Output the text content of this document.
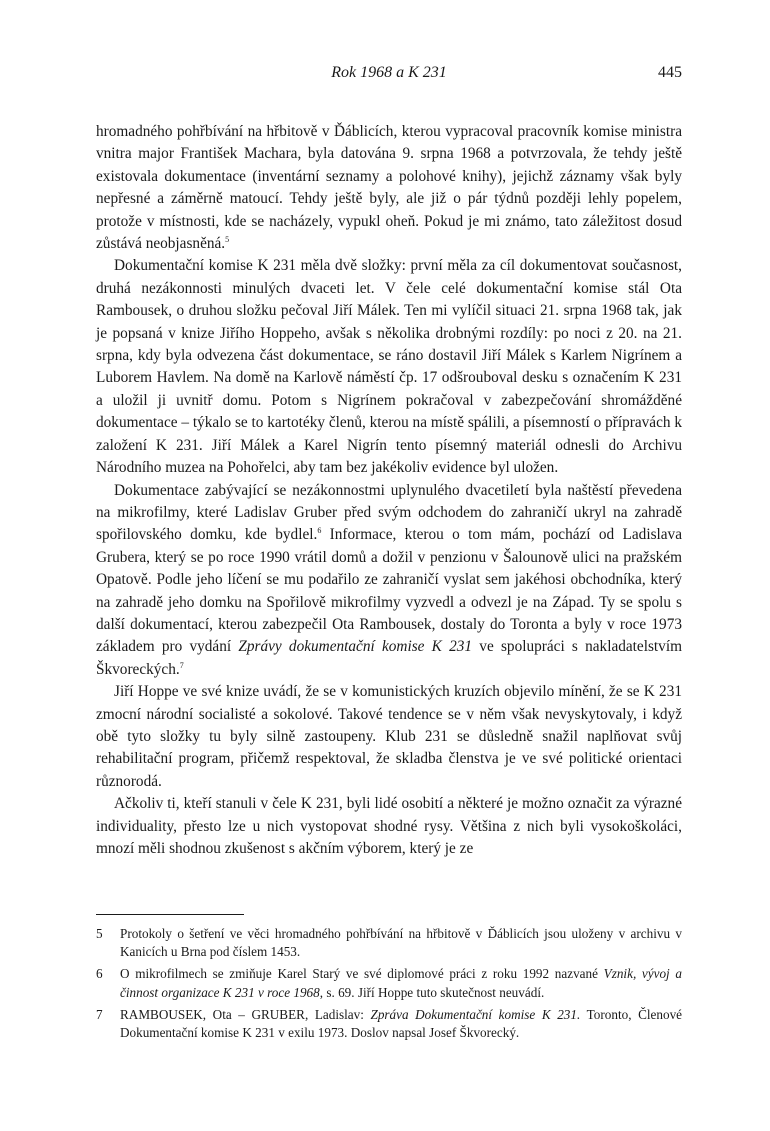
Rok 1968 a K 231	445

hromadného pohřbívání na hřbitově v Ďáblicích, kterou vypracoval pracovník komise ministra vnitra major František Machara, byla datována 9. srpna 1968 a potvrzovala, že tehdy ještě existovala dokumentace (inventární seznamy a polohové knihy), jejichž záznamy však byly nepřesné a záměrně matoucí. Tehdy ještě byly, ale již o pár týdnů později lehly popelem, protože v místnosti, kde se nacházely, vypukl oheň. Pokud je mi známo, tato záležitost dosud zůstává neobjasněná.$^5$

Dokumentační komise K 231 měla dvě složky: první měla za cíl dokumentovat současnost, druhá nezákonnosti minulých dvaceti let. V čele celé dokumentační komise stál Ota Rambousek, o druhou složku pečoval Jiří Málek. Ten mi vylíčil situaci 21. srpna 1968 tak, jak je popsaná v knize Jiřího Hoppeho, avšak s několika drobnými rozdíly: po noci z 20. na 21. srpna, kdy byla odvezena část dokumentace, se ráno dostavil Jiří Málek s Karlem Nigrínem a Luborem Havlem. Na domě na Karlově náměstí čp. 17 odšrouboval desku s označením K 231 a uložil ji uvnitř domu. Potom s Nigrínem pokračoval v zabezpečování shromážděné dokumentace – týkalo se to kartotéky členů, kterou na místě spálili, a písemností o přípravách k založení K 231. Jiří Málek a Karel Nigrín tento písemný materiál odnesli do Archivu Národního muzea na Pohořelci, aby tam bez jakékoliv evidence byl uložen.

Dokumentace zabývající se nezákonnostmi uplynulého dvacetiletí byla naštěstí převedena na mikrofilmy, které Ladislav Gruber před svým odchodem do zahraničí ukryl na zahradě spořilovského domku, kde bydlel.$^6$ Informace, kterou o tom mám, pochází od Ladislava Grubera, který se po roce 1990 vrátil domů a dožil v penzionu v Šalounově ulici na pražském Opatově. Podle jeho líčení se mu podařilo ze zahraničí vyslat sem jakéhosi obchodníka, který na zahradě jeho domku na Spořilově mikrofilmy vyzvedl a odvezl je na Západ. Ty se spolu s další dokumentací, kterou zabezpečil Ota Rambousek, dostaly do Toronta a byly v roce 1973 základem pro vydání Zprávy dokumentační komise K 231 ve spolupráci s nakladatelstvím Škvoreckých.$^7$

Jiří Hoppe ve své knize uvádí, že se v komunistických kruzích objevilo mínění, že se K 231 zmocní národní socialisté a sokolové. Takové tendence se v něm však nevyskytovaly, i když obě tyto složky tu byly silně zastoupeny. Klub 231 se důsledně snažil naplňovat svůj rehabilitační program, přičemž respektoval, že skladba členstva je ve své politické orientaci různorodá.

Ačkoliv ti, kteří stanuli v čele K 231, byli lidé osobití a některé je možno označit za výrazné individuality, přesto lze u nich vystopovat shodné rysy. Většina z nich byli vysokoškoláci, mnozí měli shodnou zkušenost s akčním výborem, který je ze

5	Protokoly o šetření ve věci hromadného pohřbívání na hřbitově v Ďáblicích jsou uloženy v archivu v Kanicích u Brna pod číslem 1453.
6	O mikrofilmech se zmiňuje Karel Starý ve své diplomové práci z roku 1992 nazvané Vznik, vývoj a činnost organizace K 231 v roce 1968, s. 69. Jiří Hoppe tuto skutečnost neuvádí.
7	RAMBOUSEK, Ota – GRUBER, Ladislav: Zpráva Dokumentační komise K 231. Toronto, Členové Dokumentační komise K 231 v exilu 1973. Doslov napsal Josef Škvorecký.
